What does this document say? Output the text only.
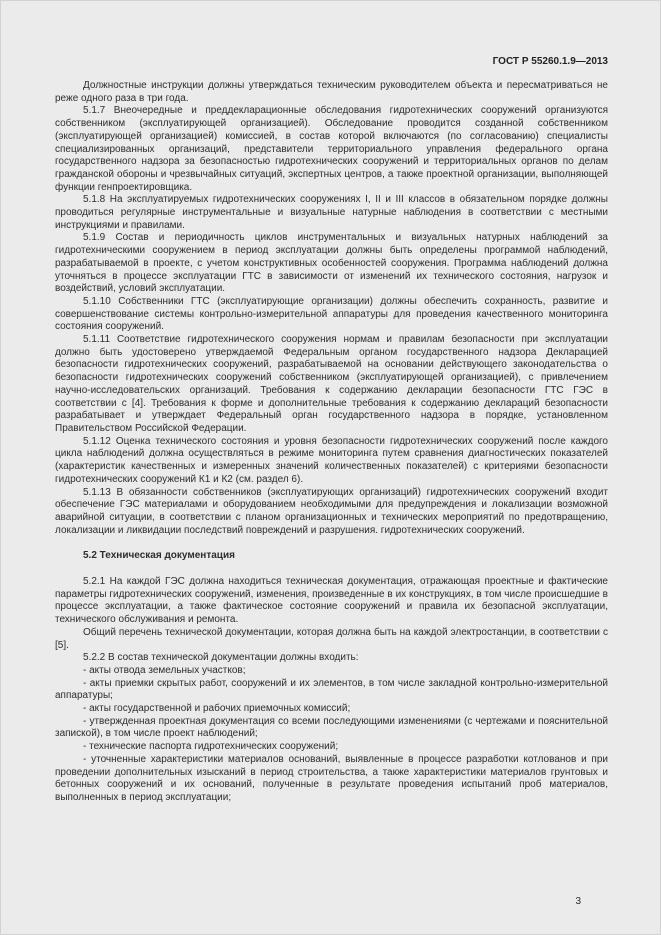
ГОСТ Р 55260.1.9—2013

Должностные инструкции должны утверждаться техническим руководителем объекта и пересматриваться не реже одного раза в три года.

5.1.7 Внеочередные и преддекларационные обследования гидротехнических сооружений организуются собственником (эксплуатирующей организацией). Обследование проводится созданной собственником (эксплуатирующей организацией) комиссией, в состав которой включаются (по согласованию) специалисты специализированных организаций, представители территориального управления федерального органа государственного надзора за безопасностью гидротехнических сооружений и территориальных органов по делам гражданской обороны и чрезвычайных ситуаций, экспертных центров, а также проектной организации, выполняющей функции генпроектировщика.

5.1.8 На эксплуатируемых гидротехнических сооружениях I, II и III классов в обязательном порядке должны проводиться регулярные инструментальные и визуальные натурные наблюдения в соответствии с местными инструкциями и правилами.

5.1.9 Состав и периодичность циклов инструментальных и визуальных натурных наблюдений за гидротехническими сооружением в период эксплуатации должны быть определены программой наблюдений, разрабатываемой в проекте, с учетом конструктивных особенностей сооружения. Программа наблюдений должна уточняться в процессе эксплуатации ГТС в зависимости от изменений их технического состояния, нагрузок и воздействий, условий эксплуатации.

5.1.10 Собственники ГТС (эксплуатирующие организации) должны обеспечить сохранность, развитие и совершенствование системы контрольно-измерительной аппаратуры для проведения качественного мониторинга состояния сооружений.

5.1.11 Соответствие гидротехнического сооружения нормам и правилам безопасности при эксплуатации должно быть удостоверено утверждаемой Федеральным органом государственного надзора Декларацией безопасности гидротехнических сооружений, разрабатываемой на основании действующего законодательства о безопасности гидротехнических сооружений собственником (эксплуатирующей организацией), с привлечением научно-исследовательских организаций. Требования к содержанию декларации безопасности ГТС ГЭС в соответствии с [4]. Требования к форме и дополнительные требования к содержанию деклараций безопасности разрабатывает и утверждает Федеральный орган государственного надзора в порядке, установленном Правительством Российской Федерации.

5.1.12 Оценка технического состояния и уровня безопасности гидротехнических сооружений после каждого цикла наблюдений должна осуществляться в режиме мониторинга путем сравнения диагностических показателей (характеристик качественных и измеренных значений количественных показателей) с критериями безопасности гидротехнических сооружений К1 и К2 (см. раздел 6).

5.1.13 В обязанности собственников (эксплуатирующих организаций) гидротехнических сооружений входит обеспечение ГЭС материалами и оборудованием необходимыми для предупреждения и локализации возможной аварийной ситуации, в соответствии с планом организационных и технических мероприятий по предотвращению, локализации и ликвидации последствий повреждений и разрушения. гидротехнических сооружений.

5.2 Техническая документация

5.2.1 На каждой ГЭС должна находиться техническая документация, отражающая проектные и фактические параметры гидротехнических сооружений, изменения, произведенные в их конструкциях, в том числе происшедшие в процессе эксплуатации, а также фактическое состояние сооружений и правила их безопасной эксплуатации, технического обслуживания и ремонта.

Общий перечень технической документации, которая должна быть на каждой электростанции, в соответствии с [5].

5.2.2 В состав технической документации должны входить:

- акты отвода земельных участков;

- акты приемки скрытых работ, сооружений и их элементов, в том числе закладной контрольно-измерительной аппаратуры;

- акты государственной и рабочих приемочных комиссий;

- утвержденная проектная документация со всеми последующими изменениями (с чертежами и пояснительной запиской), в том числе проект наблюдений;

- технические паспорта гидротехнических сооружений;

- уточненные характеристики материалов оснований, выявленные в процессе разработки котлованов и при проведении дополнительных изысканий в период строительства, а также характеристики материалов грунтовых и бетонных сооружений и их оснований, полученные в результате проведения испытаний проб материалов, выполненных в период эксплуатации;

3
